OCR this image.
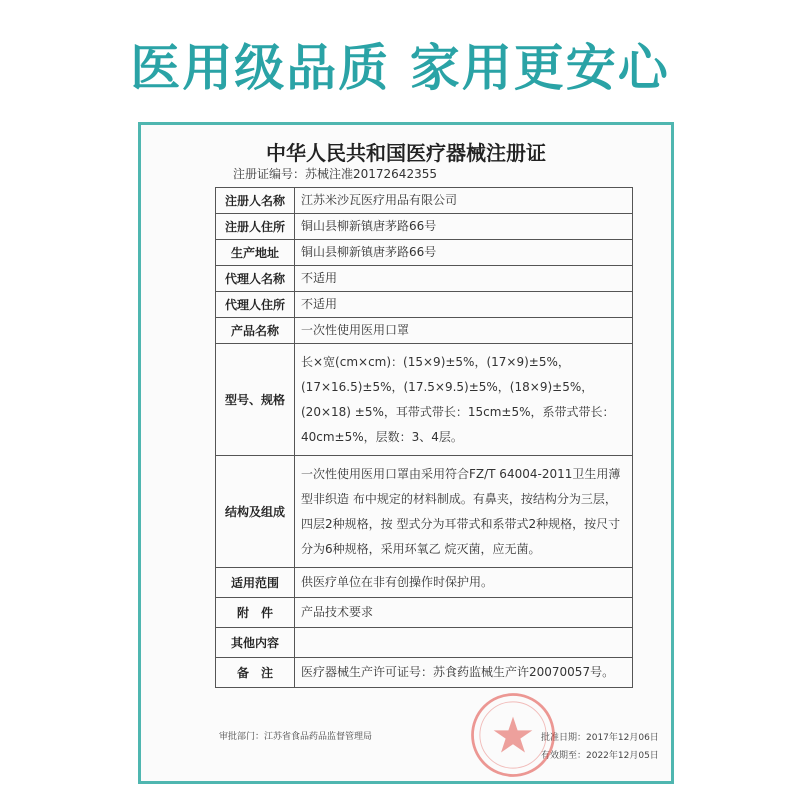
医用级品质 家用更安心
中华人民共和国医疗器械注册证
注册证编号：苏械注准20172642355
注册人名称	江苏米沙瓦医疗用品有限公司
注册人住所	铜山县柳新镇唐茅路66号
生产地址	铜山县柳新镇唐茅路66号
代理人名称	不适用
代理人住所	不适用
产品名称	一次性使用医用口罩
型号、规格	长×宽(cm×cm)：(15×9)±5%，(17×9)±5%，(17×16.5)±5%，(17.5×9.5)±5%，(18×9)±5%，(20×18) ±5%，耳带式带长：15cm±5%，系带式带长：40cm±5%，层数：3、4层。
结构及组成	一次性使用医用口罩由采用符合FZ/T 64004-2011卫生用薄型非织造 布中规定的材料制成。有鼻夹，按结构分为三层，四层2种规格，按 型式分为耳带式和系带式2种规格，按尺寸分为6种规格，采用环氧乙 烷灭菌，应无菌。
适用范围	供医疗单位在非有创操作时保护用。
附　件	产品技术要求
其他内容	
备　注	医疗器械生产许可证号：苏食药监械生产许20070057号。
审批部门：江苏省食品药品监督管理局	批准日期：2017年12月06日
有效期至：2022年12月05日
